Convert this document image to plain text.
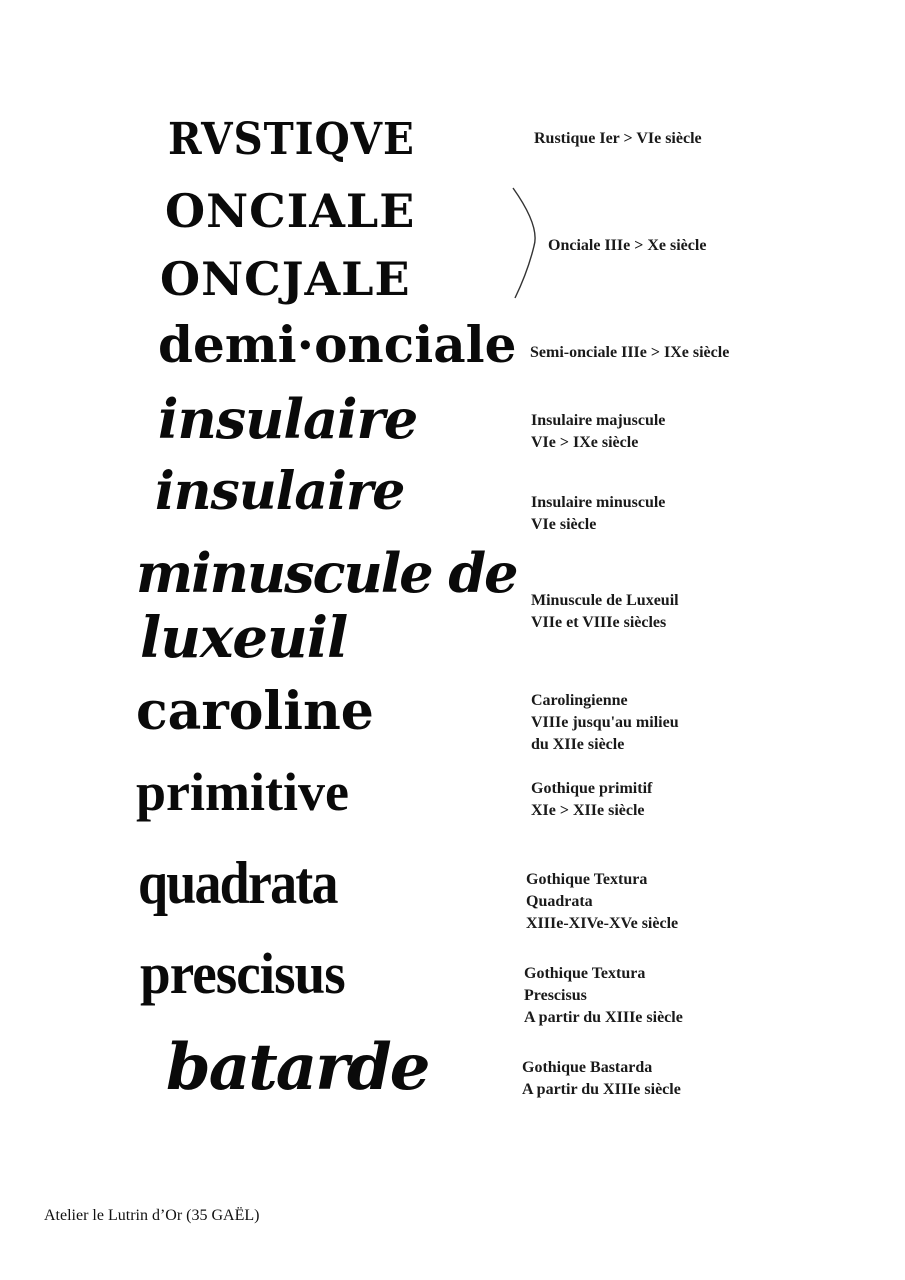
RVSTIQVE
ONCIALE
ONCJALE
demi·onciale
insulaire
insulaire
minuscule de
luxeuil
caroline
primitive
quadrata
prescisus
batarde
Rustique Ier > VIe siècle
Onciale IIIe > Xe siècle
Semi-onciale IIIe > IXe siècle
Insulaire majuscule
VIe > IXe siècle
Insulaire minuscule
VIe siècle
Minuscule de Luxeuil
VIIe et VIIIe siècles
Carolingienne
VIIIe jusqu'au milieu
du XIIe siècle
Gothique primitif
XIe > XIIe siècle
Gothique Textura
Quadrata
XIIIe-XIVe-XVe siècle
Gothique Textura
Prescisus
A partir du XIIIe siècle
Gothique Bastarda
A partir du XIIIe siècle
Atelier le Lutrin d’Or (35 GAËL)
